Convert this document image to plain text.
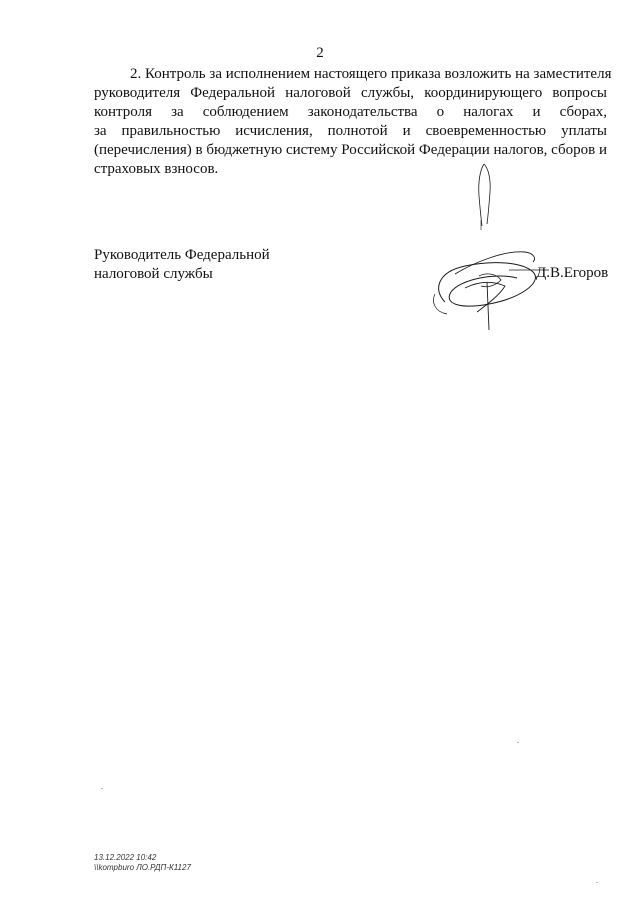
2
2. Контроль за исполнением настоящего приказа возложить на заместителя
руководителя Федеральной налоговой службы, координирующего вопросы
контроля за соблюдением законодательства о налогах и сборах,
за правильностью исчисления, полнотой и своевременностью уплаты
(перечисления) в бюджетную систему Российской Федерации налогов, сборов и
страховых взносов.
Руководитель Федеральной
налоговой службы	Д.В.Егоров
13.12.2022 10:42
\\kompburo ЛО.РДП-К1127
